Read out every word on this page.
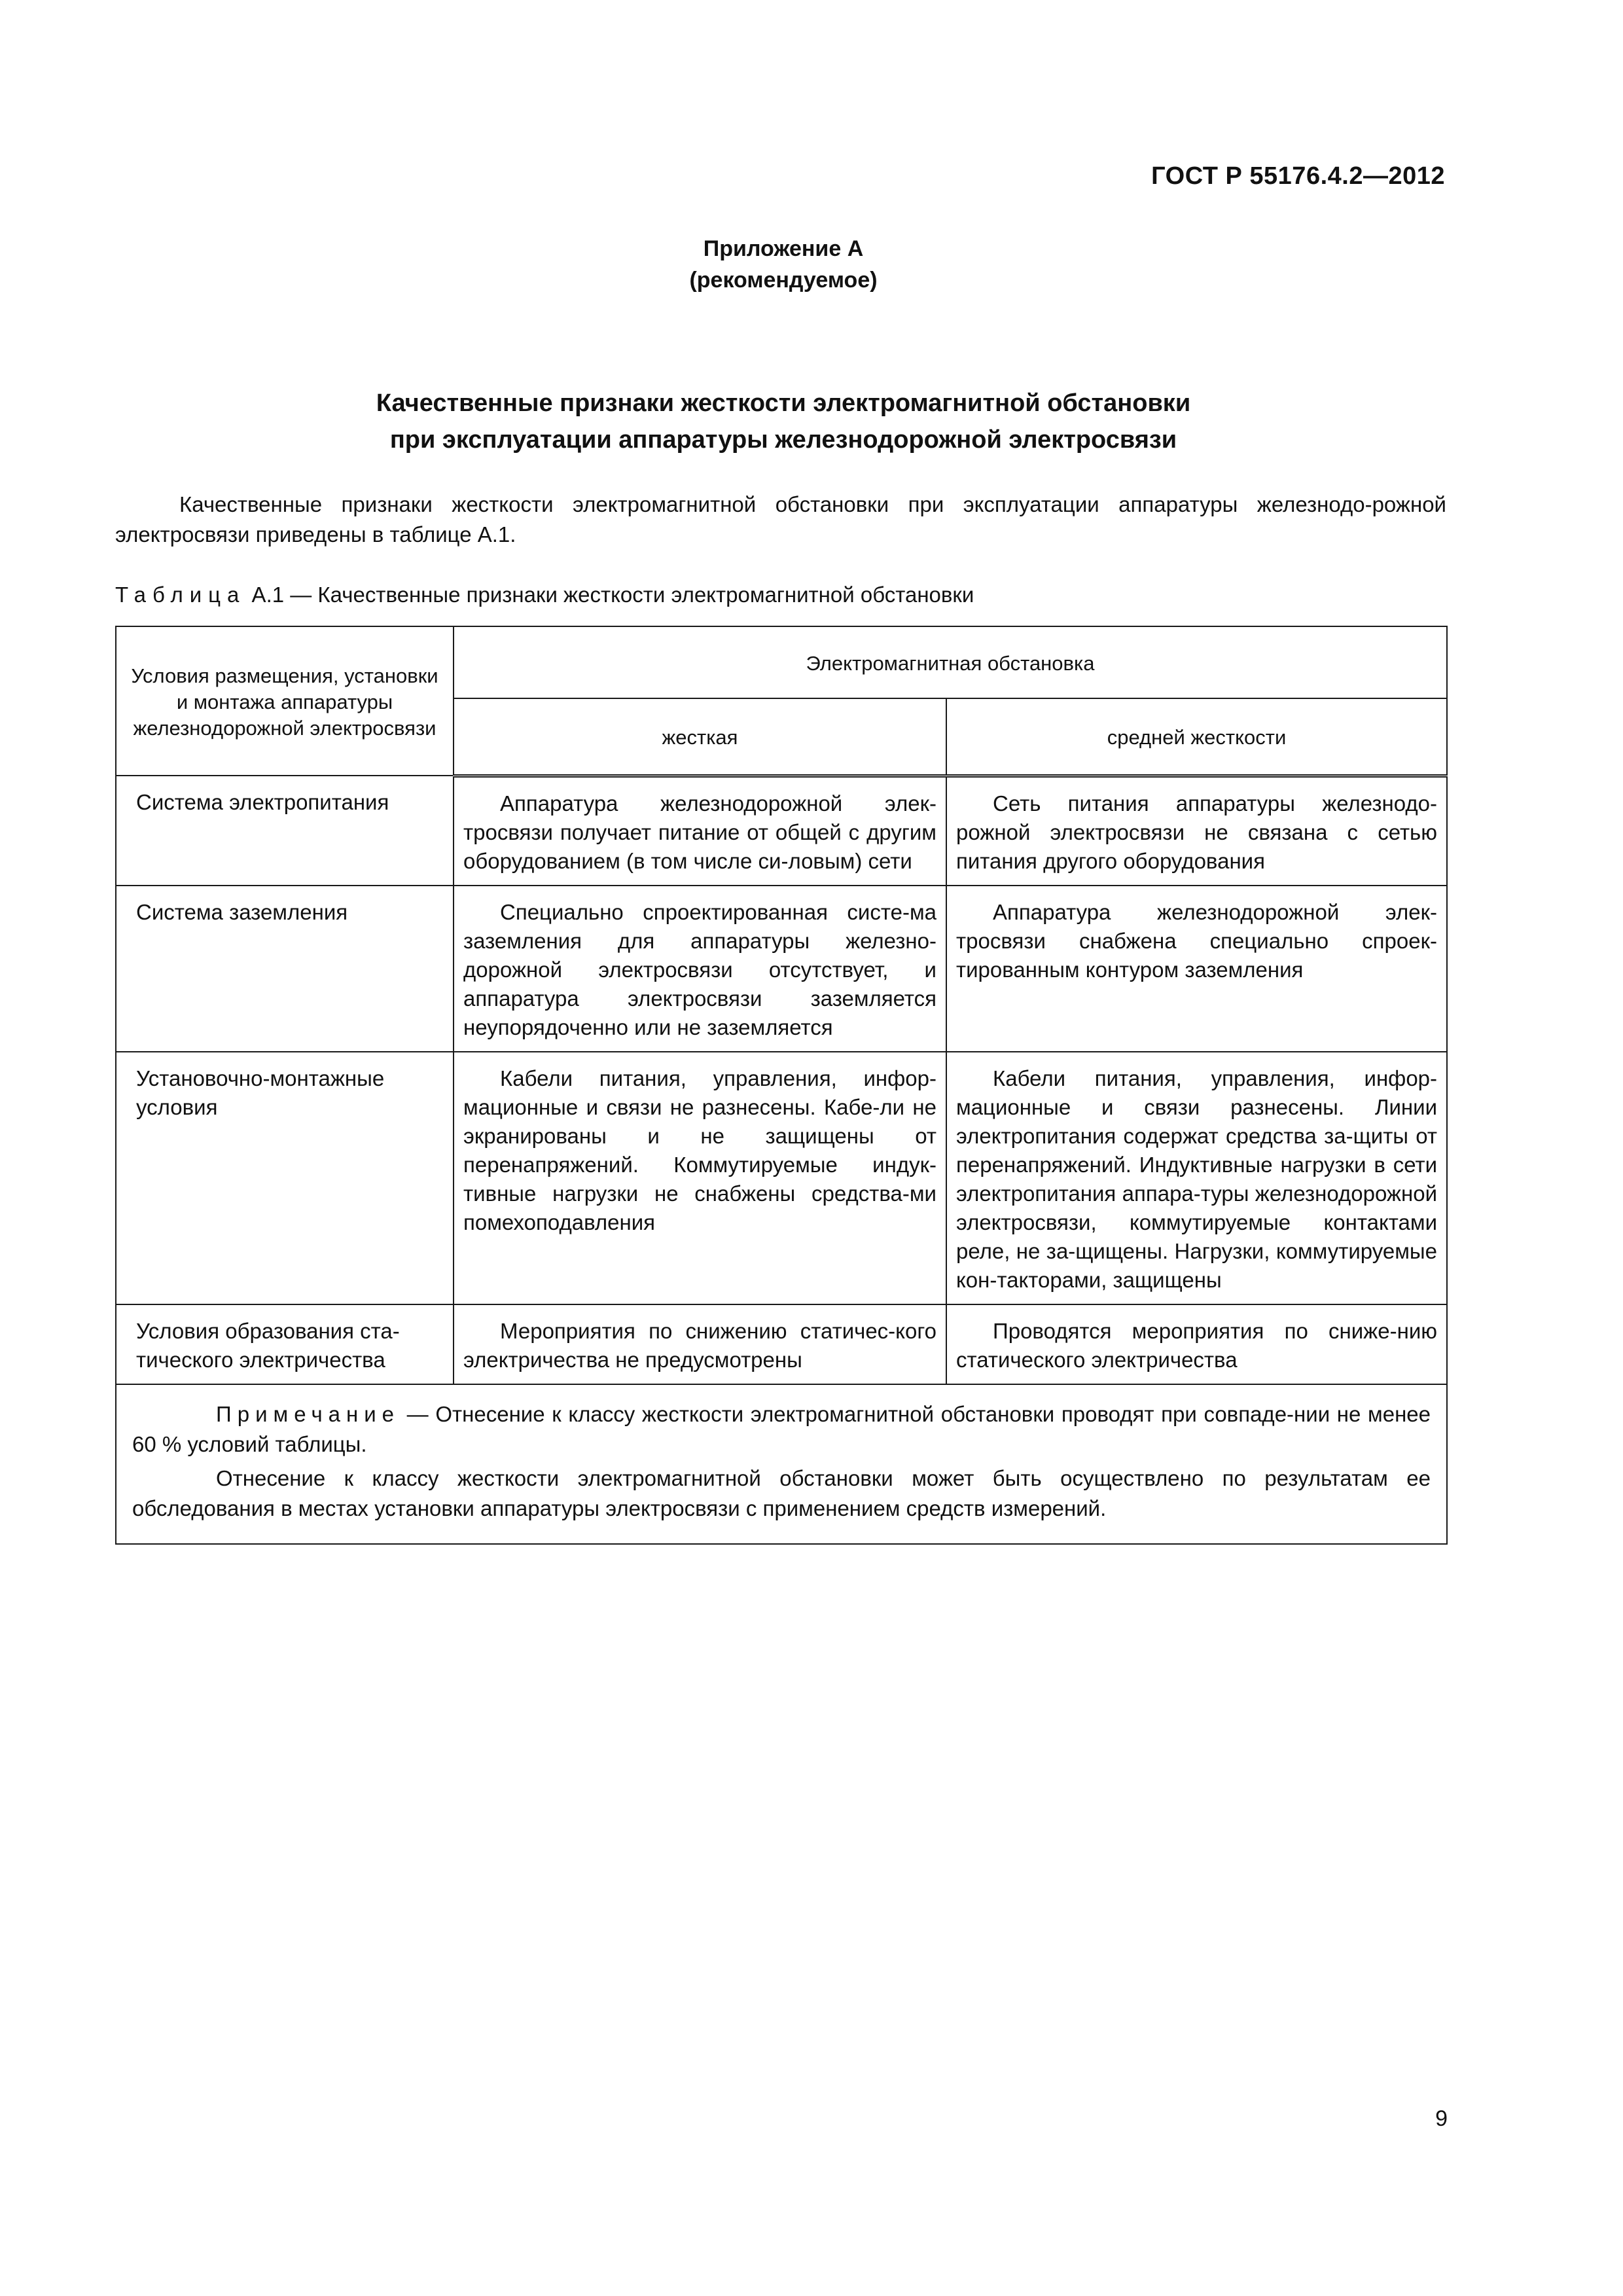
ГОСТ Р 55176.4.2—2012
Приложение А
(рекомендуемое)
Качественные признаки жесткости электромагнитной обстановки
при эксплуатации аппаратуры железнодорожной электросвязи
Качественные признаки жесткости электромагнитной обстановки при эксплуатации аппаратуры железнодо-рожной электросвязи приведены в таблице А.1.
Таблица А.1 — Качественные признаки жесткости электромагнитной обстановки
Условия размещения, установки и монтажа аппаратуры железнодорожной электросвязи	Электромагнитная обстановка	
	жесткая	средней жесткости
Система электропитания	Аппаратура железнодорожной элек-тросвязи получает питание от общей с другим оборудованием (в том числе си-ловым) сети	Сеть питания аппаратуры железнодо-рожной электросвязи не связана с сетью питания другого оборудования
Система заземления	Специально спроектированная систе-ма заземления для аппаратуры железно-дорожной электросвязи отсутствует, и аппаратура электросвязи заземляется неупорядоченно или не заземляется	Аппаратура железнодорожной элек-тросвязи снабжена специально спроек-тированным контуром заземления
Установочно-монтажные условия	Кабели питания, управления, инфор-мационные и связи не разнесены. Кабе-ли не экранированы и не защищены от перенапряжений. Коммутируемые индук-тивные нагрузки не снабжены средства-ми помехоподавления	Кабели питания, управления, инфор-мационные и связи разнесены. Линии электропитания содержат средства за-щиты от перенапряжений. Индуктивные нагрузки в сети электропитания аппара-туры железнодорожной электросвязи, коммутируемые контактами реле, не за-щищены. Нагрузки, коммутируемые кон-такторами, защищены
Условия образования ста-тического электричества	Мероприятия по снижению статичес-кого электричества не предусмотрены	Проводятся мероприятия по сниже-нию статического электричества

Примечание — Отнесение к классу жесткости электромагнитной обстановки проводят при совпаде-нии не менее 60 % условий таблицы.

Отнесение к классу жесткости электромагнитной обстановки может быть осуществлено по результатам ее обследования в местах установки аппаратуры электросвязи с применением средств измерений.		

9
